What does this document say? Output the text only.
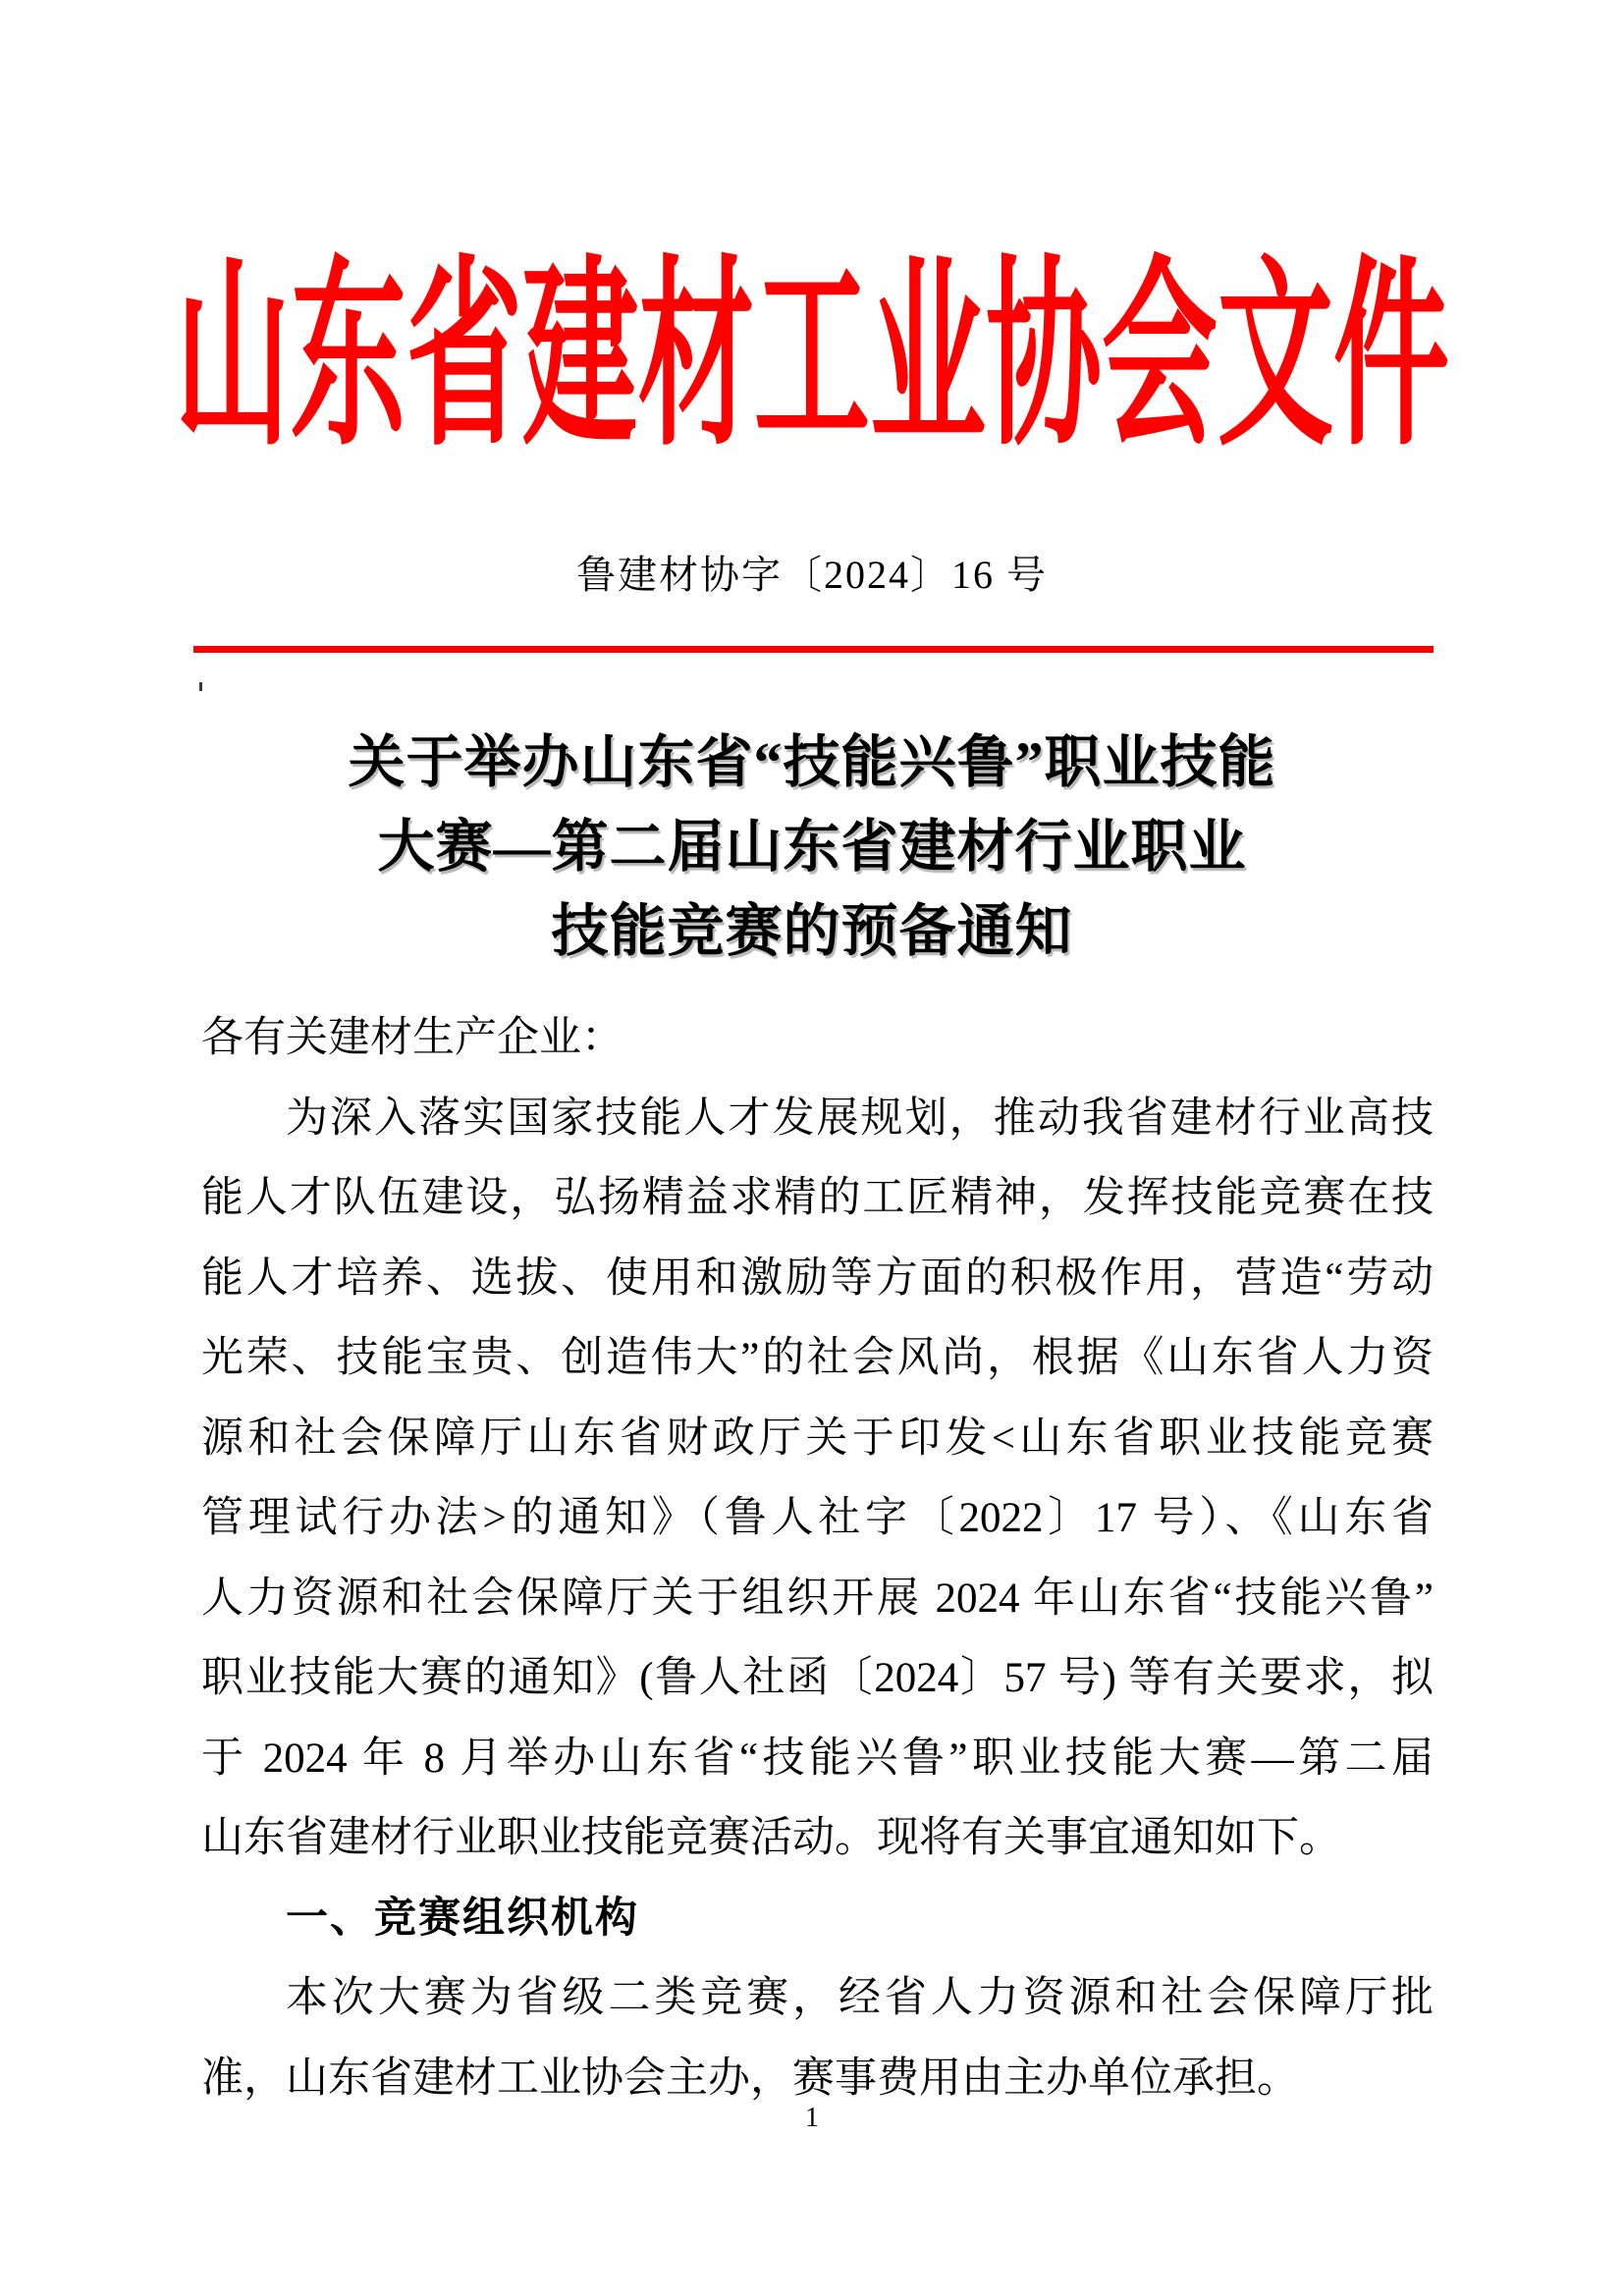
山东省建材工业协会文件
鲁建材协字〔2024〕16 号
关于举办山东省“技能兴鲁”职业技能
大赛—第二届山东省建材行业职业
技能竞赛的预备通知
各有关建材生产企业：
为深入落实国家技能人才发展规划，推动我省建材行业高技
能人才队伍建设，弘扬精益求精的工匠精神，发挥技能竞赛在技
能人才培养、选拔、使用和激励等方面的积极作用，营造“劳动
光荣、技能宝贵、创造伟大”的社会风尚，根据《山东省人力资
源和社会保障厅山东省财政厅关于印发<山东省职业技能竞赛
管理试行办法>的通知》（鲁人社字〔2022〕17 号）、《山东省
人力资源和社会保障厅关于组织开展 2024 年山东省“技能兴鲁”
职业技能大赛的通知》(鲁人社函〔2024〕57 号) 等有关要求，拟
于 2024 年 8 月举办山东省“技能兴鲁”职业技能大赛—第二届
山东省建材行业职业技能竞赛活动。现将有关事宜通知如下。
一、竞赛组织机构
本次大赛为省级二类竞赛，经省人力资源和社会保障厅批
准，山东省建材工业协会主办，赛事费用由主办单位承担。
1
